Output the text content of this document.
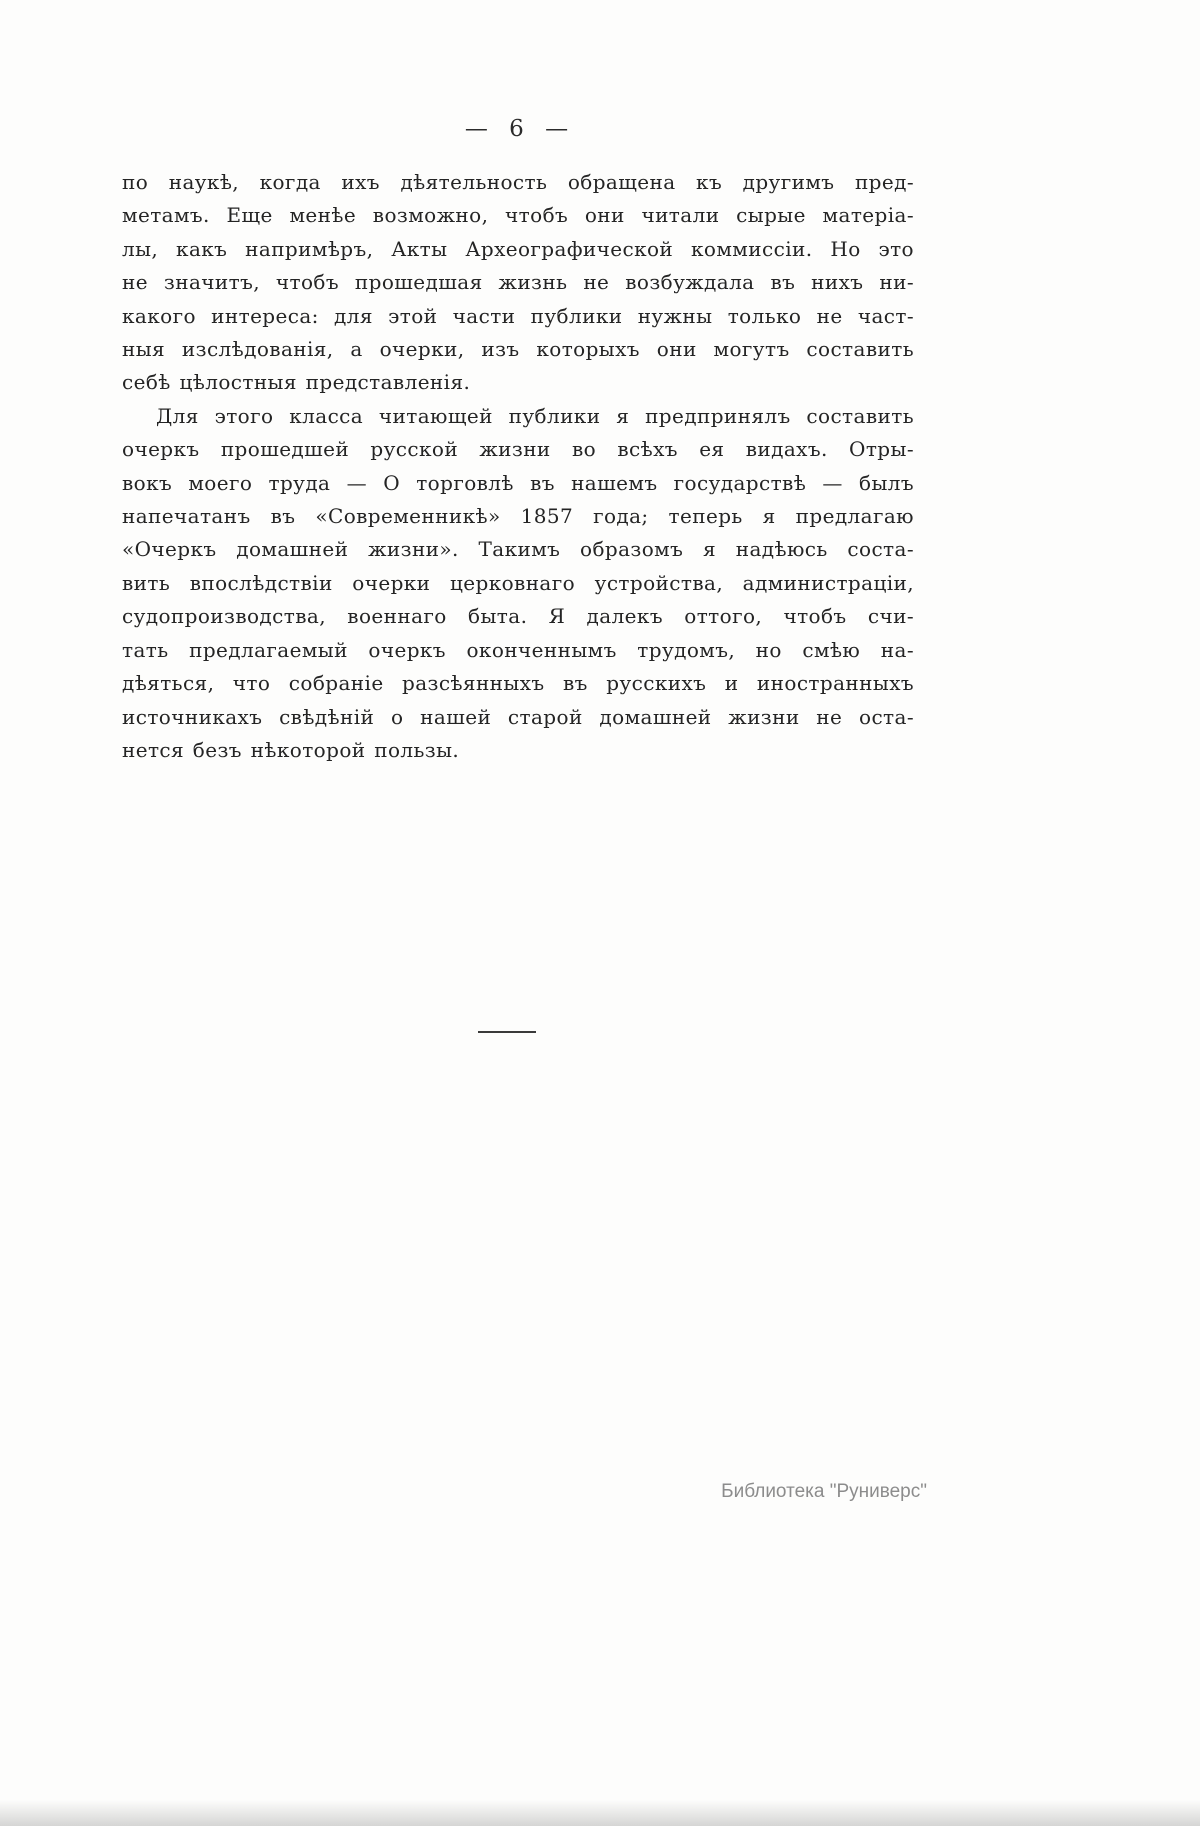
— 6 —
по наукѣ, когда ихъ дѣятельность обращена къ другимъ пред-
метамъ. Еще менѣе возможно, чтобъ они читали сырые матеріа-
лы, какъ напримѣръ, Акты Археографической коммиссіи. Но это
не значитъ, чтобъ прошедшая жизнь не возбуждала въ нихъ ни-
какого интереса: для этой части публики нужны только не част-
ныя изслѣдованія, а очерки, изъ которыхъ они могутъ составить
себѣ цѣлостныя представленія.
Для этого класса читающей публики я предпринялъ составить
очеркъ прошедшей русской жизни во всѣхъ ея видахъ. Отры-
вокъ моего труда — О торговлѣ въ нашемъ государствѣ — былъ
напечатанъ въ «Современникѣ» 1857 года; теперь я предлагаю
«Очеркъ домашней жизни». Такимъ образомъ я надѣюсь соста-
вить впослѣдствіи очерки церковнаго устройства, администраціи,
судопроизводства, военнаго быта. Я далекъ оттого, чтобъ счи-
тать предлагаемый очеркъ оконченнымъ трудомъ, но смѣю на-
дѣяться, что собраніе разсѣянныхъ въ русскихъ и иностранныхъ
источникахъ свѣдѣній о нашей старой домашней жизни не оста-
нется безъ нѣкоторой пользы.
Библиотека "Руниверс"
